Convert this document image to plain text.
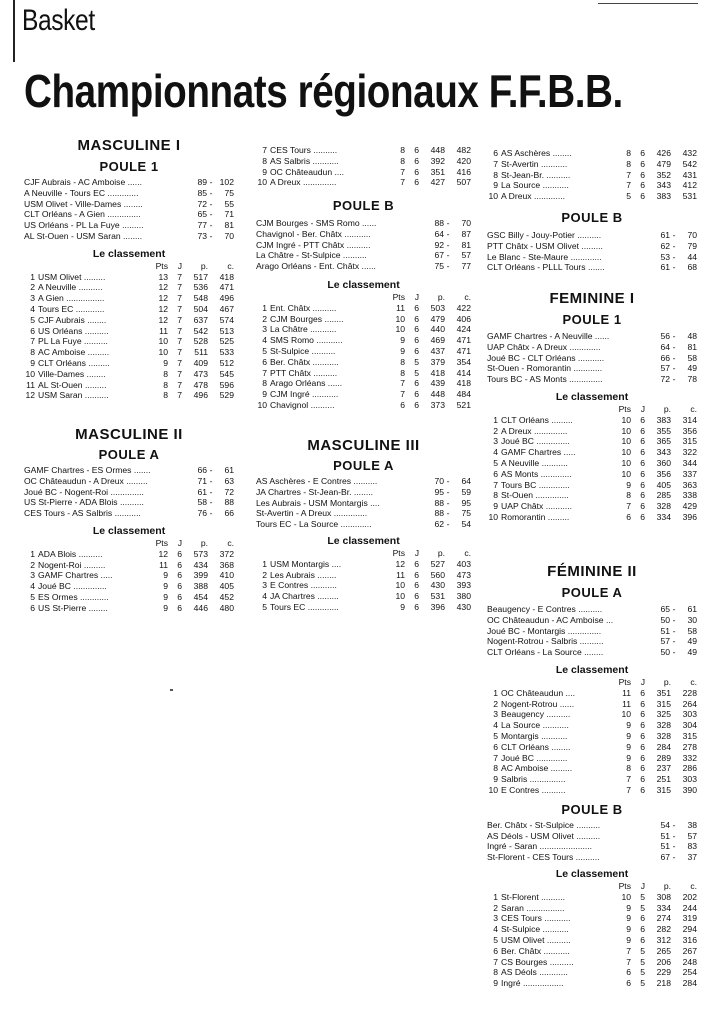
Basket
Championnats régionaux F.F.B.B.
MASCULINE I
POULE 1
CJF Aubrais - AC Amboise ......	89 - 102
A Neuville - Tours EC .............	85 -	75
USM Olivet - Ville-Dames ........	72 -	55
CLT Orléans - A Gien ..............	65 -	71
US Orléans - PL La Fuye .........	77 -	81
AL St-Ouen - USM Saran ........	73 -	70
Le classement
Pts	J	p.	c.
1 USM Olivet .........	13	7	517	418
2 A Neuville ..........	12	7	536	471
3 A Gien ................	12	7	548	496
4 Tours EC ............	12	7	504	467
5 CJF Aubrais ........	12	7	637	574
6 US Orléans ..........	11	7	542	513
7 PL La Fuye ..........	10	7	528	525
8 AC Amboise .........	10	7	511	533
9 CLT Orléans .........	9	7	409	512
10 Ville-Dames ........	8	7	473	545
11 AL St-Ouen .........	8	7	478	596
12 USM Saran ..........	8	7	496	529
MASCULINE II
POULE A
GAMF Chartres - ES Ormes .......	66 -	61
OC Châteaudun - A Dreux .........	71 -	63
Joué BC - Nogent-Roi ..............	61 -	72
US St-Pierre - ADA Blois ..........	58 -	88
CES Tours - AS Salbris ...........	76 -	66
Le classement
Pts	J	p.	c.
1 ADA Blois ..........	12	6	573	372
2 Nogent-Roi .........	11	6	434	368
3 GAMF Chartres .....	9	6	399	410
4 Joué BC ..............	9	6	388	405
5 ES Ormes ............	9	6	454	452
6 US St-Pierre ........	9	6	446	480
7 CES Tours ..........	8	6	448	482
8 AS Salbris ...........	8	6	392	420
9 OC Châteaudun ....	7	6	351	416
10 A Dreux ..............	7	6	427	507
POULE B
CJM Bourges - SMS Romo ......	88 -	70
Chavignol - Ber. Châtx ...........	64 -	87
CJM Ingré - PTT Châtx ..........	92 -	81
La Châtre - St-Sulpice ..........	67 -	57
Arago Orléans - Ent. Châtx ......	75 -	77
Le classement
Pts	J	p.	c.
1 Ent. Châtx ..........	11	6	503	422
2 CJM Bourges ........	10	6	479	406
3 La Châtre ...........	10	6	440	424
4 SMS Romo ...........	9	6	469	471
5 St-Sulpice ..........	9	6	437	471
6 Ber. Châtx ...........	8	5	379	354
7 PTT Châtx ..........	8	5	418	414
8 Arago Orléans ......	7	6	439	418
9 CJM Ingré ...........	7	6	448	484
10 Chavignol ..........	6	6	373	521
MASCULINE III
POULE A
AS Aschères - E Contres ..........	70 -	64
JA Chartres - St-Jean-Br. ........	95 -	59
Les Aubrais - USM Montargis ....	88 -	95
St-Avertin - A Dreux ..............	88 -	75
Tours EC - La Source .............	62 -	54
Le classement
Pts	J	p.	c.
1 USM Montargis ....	12	6	527	403
2 Les Aubrais ........	11	6	560	473
3 E Contres ...........	10	6	430	393
4 JA Chartres .........	10	6	531	380
5 Tours EC .............	9	6	396	430
6 AS Aschères ........	8	6	426	432
7 St-Avertin ...........	8	6	479	542
8 St-Jean-Br. ..........	7	6	352	431
9 La Source ...........	7	6	343	412
10 A Dreux .............	5	6	383	531
POULE B
GSC Billy - Jouy-Potier ..........	61 -	70
PTT Châtx - USM Olivet .........	62 -	79
Le Blanc - Ste-Maure .............	53 -	44
CLT Orléans - PLLL Tours .......	61 -	68
FEMININE I
POULE 1
GAMF Chartres - A Neuville ......	56 -	48
UAP Châtx - A Dreux .............	64 -	81
Joué BC - CLT Orléans ...........	66 -	58
St-Ouen - Romorantin ............	57 -	49
Tours BC - AS Monts ..............	72 -	78
Le classement
Pts	J	p.	c.
1 CLT Orléans .........	10	6	383	314
2 A Dreux ..............	10	6	355	356
3 Joué BC ..............	10	6	365	315
4 GAMF Chartres .....	10	6	343	322
5 A Neuville ...........	10	6	360	344
6 AS Monts .............	10	6	356	337
7 Tours BC .............	9	6	405	363
8 St-Ouen ..............	8	6	285	338
9 UAP Châtx ...........	7	6	328	429
10 Romorantin .........	6	6	334	396
FÉMININE II
POULE A
Beaugency - E Contres ..........	65 -	61
OC Châteaudun - AC Amboise ...	50 -	30
Joué BC - Montargis ..............	51 -	58
Nogent-Rotrou - Salbris ..........	57 -	49
CLT Orléans - La Source ........	50 -	49
Le classement
Pts	J	p.	c.
1 OC Châteaudun ....	11	6	351	228
2 Nogent-Rotrou ......	11	6	315	264
3 Beaugency ..........	10	6	325	303
4 La Source ...........	9	6	328	304
5 Montargis ...........	9	6	328	315
6 CLT Orléans ........	9	6	284	278
7 Joué BC .............	9	6	289	332
8 AC Amboise .........	8	6	237	286
9 Salbris ...............	7	6	251	303
10 E Contres ..........	7	6	315	390
POULE B
Ber. Châtx - St-Sulpice ..........	54 -	38
AS Déols - USM Olivet ..........	51 -	57
Ingré - Saran ......................	51 -	83
St-Florent - CES Tours ..........	67 -	37
Le classement
Pts	J	p.	c.
1 St-Florent ..........	10	5	308	202
2 Saran ................	9	5	334	244
3 CES Tours ...........	9	6	274	319
4 St-Sulpice ...........	9	6	282	294
5 USM Olivet ..........	9	6	312	316
6 Ber. Châtx ...........	7	5	265	267
7 CS Bourges ..........	7	5	206	248
8 AS Déols ............	6	5	229	254
9 Ingré .................	6	5	218	284
